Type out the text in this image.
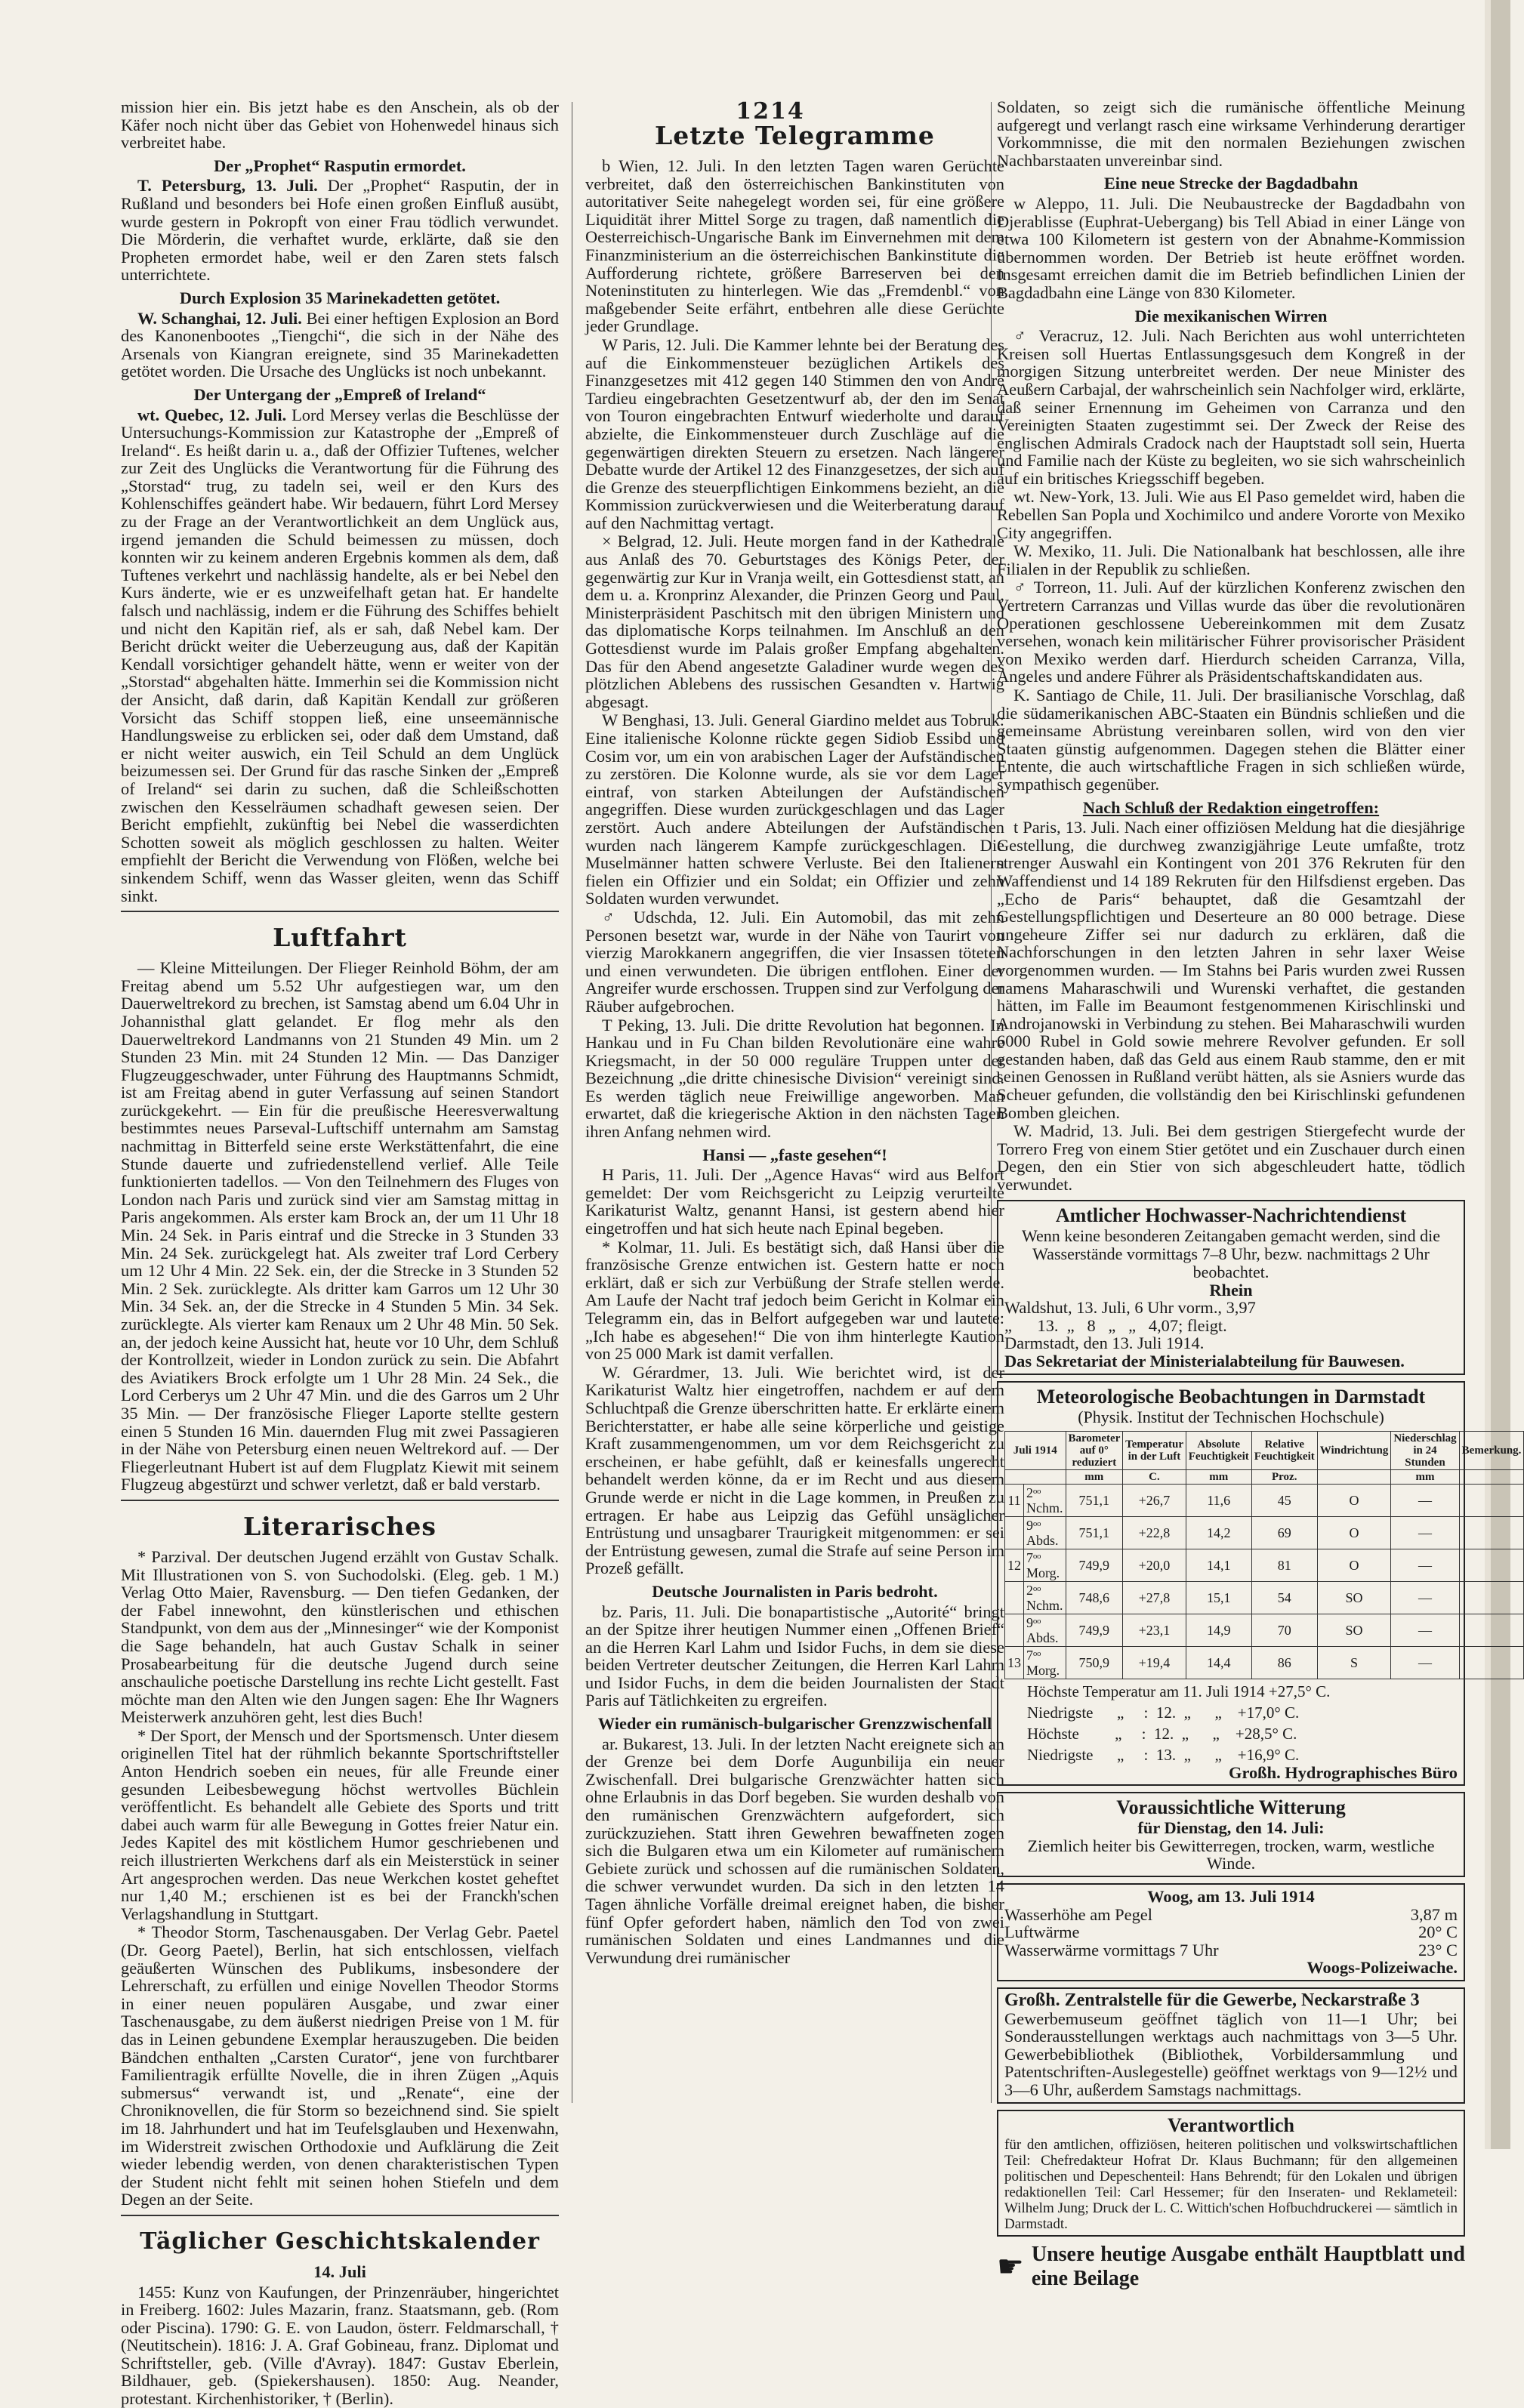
1214

mission hier ein. Bis jetzt habe es den Anschein, als ob der Käfer noch nicht über das Gebiet von Hohenwedel hinaus sich verbreitet habe.

Der „Prophet“ Rasputin ermordet.

T. Petersburg, 13. Juli. Der „Prophet“ Rasputin, der in Rußland und besonders bei Hofe einen großen Einfluß ausübt, wurde gestern in Pokropft von einer Frau tödlich verwundet. Die Mörderin, die verhaftet wurde, erklärte, daß sie den Propheten ermordet habe, weil er den Zaren stets falsch unterrichtete.

Durch Explosion 35 Marinekadetten getötet.

W. Schanghai, 12. Juli. Bei einer heftigen Explosion an Bord des Kanonenbootes „Tiengchi“, die sich in der Nähe des Arsenals von Kiangran ereignete, sind 35 Marinekadetten getötet worden. Die Ursache des Unglücks ist noch unbekannt.

Der Untergang der „Empreß of Ireland“

wt. Quebec, 12. Juli. Lord Mersey verlas die Beschlüsse der Untersuchungs-Kommission zur Katastrophe der „Empreß of Ireland“. Es heißt darin u. a., daß der Offizier Tuftenes, welcher zur Zeit des Unglücks die Verantwortung für die Führung des „Storstad“ trug, zu tadeln sei, weil er den Kurs des Kohlenschiffes geändert habe. Wir bedauern, führt Lord Mersey zu der Frage an der Verantwortlichkeit an dem Unglück aus, irgend jemanden die Schuld beimessen zu müssen, doch konnten wir zu keinem anderen Ergebnis kommen als dem, daß Tuftenes verkehrt und nachlässig handelte, als er bei Nebel den Kurs änderte, wie er es unzweifelhaft getan hat. Er handelte falsch und nachlässig, indem er die Führung des Schiffes behielt und nicht den Kapitän rief, als er sah, daß Nebel kam. Der Bericht drückt weiter die Ueberzeugung aus, daß der Kapitän Kendall vorsichtiger gehandelt hätte, wenn er weiter von der „Storstad“ abgehalten hätte. Immerhin sei die Kommission nicht der Ansicht, daß darin, daß Kapitän Kendall zur größeren Vorsicht das Schiff stoppen ließ, eine unseemännische Handlungsweise zu erblicken sei, oder daß dem Umstand, daß er nicht weiter auswich, ein Teil Schuld an dem Unglück beizumessen sei. Der Grund für das rasche Sinken der „Empreß of Ireland“ sei darin zu suchen, daß die Schleißschotten zwischen den Kesselräumen schadhaft gewesen seien. Der Bericht empfiehlt, zukünftig bei Nebel die wasserdichten Schotten soweit als möglich geschlossen zu halten. Weiter empfiehlt der Bericht die Verwendung von Flößen, welche bei sinkendem Schiff, wenn das Wasser gleiten, wenn das Schiff sinkt.

Luftfahrt

— Kleine Mitteilungen. Der Flieger Reinhold Böhm, der am Freitag abend um 5.52 Uhr aufgestiegen war, um den Dauerweltrekord zu brechen, ist Samstag abend um 6.04 Uhr in Johannisthal glatt gelandet. Er flog mehr als den Dauerweltrekord Landmanns von 21 Stunden 49 Min. um 2 Stunden 23 Min. mit 24 Stunden 12 Min. — Das Danziger Flugzeuggeschwader, unter Führung des Hauptmanns Schmidt, ist am Freitag abend in guter Verfassung auf seinen Standort zurückgekehrt. — Ein für die preußische Heeresverwaltung bestimmtes neues Parseval-Luftschiff unternahm am Samstag nachmittag in Bitterfeld seine erste Werkstättenfahrt, die eine Stunde dauerte und zufriedenstellend verlief. Alle Teile funktionierten tadellos. — Von den Teilnehmern des Fluges von London nach Paris und zurück sind vier am Samstag mittag in Paris angekommen. Als erster kam Brock an, der um 11 Uhr 18 Min. 24 Sek. in Paris eintraf und die Strecke in 3 Stunden 33 Min. 24 Sek. zurückgelegt hat. Als zweiter traf Lord Cerbery um 12 Uhr 4 Min. 22 Sek. ein, der die Strecke in 3 Stunden 52 Min. 2 Sek. zurücklegte. Als dritter kam Garros um 12 Uhr 30 Min. 34 Sek. an, der die Strecke in 4 Stunden 5 Min. 34 Sek. zurücklegte. Als vierter kam Renaux um 2 Uhr 48 Min. 50 Sek. an, der jedoch keine Aussicht hat, heute vor 10 Uhr, dem Schluß der Kontrollzeit, wieder in London zurück zu sein. Die Abfahrt des Aviatikers Brock erfolgte um 1 Uhr 28 Min. 24 Sek., die Lord Cerberys um 2 Uhr 47 Min. und die des Garros um 2 Uhr 35 Min. — Der französische Flieger Laporte stellte gestern einen 5 Stunden 16 Min. dauernden Flug mit zwei Passagieren in der Nähe von Petersburg einen neuen Weltrekord auf. — Der Fliegerleutnant Hubert ist auf dem Flugplatz Kiewit mit seinem Flugzeug abgestürzt und schwer verletzt, daß er bald verstarb.

Literarisches

* Parzival. Der deutschen Jugend erzählt von Gustav Schalk. Mit Illustrationen von S. von Suchodolski. (Eleg. geb. 1 M.) Verlag Otto Maier, Ravensburg. — Den tiefen Gedanken, der der Fabel innewohnt, den künstlerischen und ethischen Standpunkt, von dem aus der „Minnesinger“ wie der Komponist die Sage behandeln, hat auch Gustav Schalk in seiner Prosabearbeitung für die deutsche Jugend durch seine anschauliche poetische Darstellung ins rechte Licht gestellt. Fast möchte man den Alten wie den Jungen sagen: Ehe Ihr Wagners Meisterwerk anzuhören geht, lest dies Buch!

* Der Sport, der Mensch und der Sportsmensch. Unter diesem originellen Titel hat der rühmlich bekannte Sportschriftsteller Anton Hendrich soeben ein neues, für alle Freunde einer gesunden Leibesbewegung höchst wertvolles Büchlein veröffentlicht. Es behandelt alle Gebiete des Sports und tritt dabei auch warm für alle Bewegung in Gottes freier Natur ein. Jedes Kapitel des mit köstlichem Humor geschriebenen und reich illustrierten Werkchens darf als ein Meisterstück in seiner Art angesprochen werden. Das neue Werkchen kostet geheftet nur 1,40 M.; erschienen ist es bei der Franckh'schen Verlagshandlung in Stuttgart.

* Theodor Storm, Taschenausgaben. Der Verlag Gebr. Paetel (Dr. Georg Paetel), Berlin, hat sich entschlossen, vielfach geäußerten Wünschen des Publikums, insbesondere der Lehrerschaft, zu erfüllen und einige Novellen Theodor Storms in einer neuen populären Ausgabe, und zwar einer Taschenausgabe, zu dem äußerst niedrigen Preise von 1 M. für das in Leinen gebundene Exemplar herauszugeben. Die beiden Bändchen enthalten „Carsten Curator“, jene von furchtbarer Familientragik erfüllte Novelle, die in ihren Zügen „Aquis submersus“ verwandt ist, und „Renate“, eine der Chroniknovellen, die für Storm so bezeichnend sind. Sie spielt im 18. Jahrhundert und hat im Teufelsglauben und Hexenwahn, im Widerstreit zwischen Orthodoxie und Aufklärung die Zeit wieder lebendig werden, von denen charakteristischen Typen der Student nicht fehlt mit seinen hohen Stiefeln und dem Degen an der Seite.

Täglicher Geschichtskalender
14. Juli

1455: Kunz von Kaufungen, der Prinzenräuber, hingerichtet in Freiberg. 1602: Jules Mazarin, franz. Staatsmann, geb. (Rom oder Piscina). 1790: G. E. von Laudon, österr. Feldmarschall, † (Neutitschein). 1816: J. A. Graf Gobineau, franz. Diplomat und Schriftsteller, geb. (Ville d'Avray). 1847: Gustav Eberlein, Bildhauer, geb. (Spiekershausen). 1850: Aug. Neander, protestant. Kirchenhistoriker, † (Berlin).

Letzte Telegramme

b Wien, 12. Juli. In den letzten Tagen waren Gerüchte verbreitet, daß den österreichischen Bankinstituten von autoritativer Seite nahegelegt worden sei, für eine größere Liquidität ihrer Mittel Sorge zu tragen, daß namentlich die Oesterreichisch-Ungarische Bank im Einvernehmen mit dem Finanzministerium an die österreichischen Bankinstitute die Aufforderung richtete, größere Barreserven bei den Noteninstituten zu hinterlegen. Wie das „Fremdenbl.“ von maßgebender Seite erfährt, entbehren alle diese Gerüchte jeder Grundlage.

W Paris, 12. Juli. Die Kammer lehnte bei der Beratung des auf die Einkommensteuer bezüglichen Artikels des Finanzgesetzes mit 412 gegen 140 Stimmen den von André Tardieu eingebrachten Gesetzentwurf ab, der den im Senat von Touron eingebrachten Entwurf wiederholte und darauf abzielte, die Einkommensteuer durch Zuschläge auf die gegenwärtigen direkten Steuern zu ersetzen. Nach längerer Debatte wurde der Artikel 12 des Finanzgesetzes, der sich auf die Grenze des steuerpflichtigen Einkommens bezieht, an die Kommission zurückverwiesen und die Weiterberatung darauf auf den Nachmittag vertagt.

× Belgrad, 12. Juli. Heute morgen fand in der Kathedrale aus Anlaß des 70. Geburtstages des Königs Peter, der gegenwärtig zur Kur in Vranja weilt, ein Gottesdienst statt, an dem u. a. Kronprinz Alexander, die Prinzen Georg und Paul, Ministerpräsident Paschitsch mit den übrigen Ministern und das diplomatische Korps teilnahmen. Im Anschluß an den Gottesdienst wurde im Palais großer Empfang abgehalten. Das für den Abend angesetzte Galadiner wurde wegen des plötzlichen Ablebens des russischen Gesandten v. Hartwig abgesagt.

W Benghasi, 13. Juli. General Giardino meldet aus Tobruk: Eine italienische Kolonne rückte gegen Sidiob Essibd und Cosim vor, um ein von arabischen Lager der Aufständischen zu zerstören. Die Kolonne wurde, als sie vor dem Lager eintraf, von starken Abteilungen der Aufständischen angegriffen. Diese wurden zurückgeschlagen und das Lager zerstört. Auch andere Abteilungen der Aufständischen wurden nach längerem Kampfe zurückgeschlagen. Die Muselmänner hatten schwere Verluste. Bei den Italienern fielen ein Offizier und ein Soldat; ein Offizier und zehn Soldaten wurden verwundet.

♂ Udschda, 12. Juli. Ein Automobil, das mit zehn Personen besetzt war, wurde in der Nähe von Taurirt von vierzig Marokkanern angegriffen, die vier Insassen töteten und einen verwundeten. Die übrigen entflohen. Einer der Angreifer wurde erschossen. Truppen sind zur Verfolgung der Räuber aufgebrochen.

T Peking, 13. Juli. Die dritte Revolution hat begonnen. In Hankau und in Fu Chan bilden Revolutionäre eine wahre Kriegsmacht, in der 50 000 reguläre Truppen unter der Bezeichnung „die dritte chinesische Division“ vereinigt sind. Es werden täglich neue Freiwillige angeworben. Man erwartet, daß die kriegerische Aktion in den nächsten Tagen ihren Anfang nehmen wird.

Hansi — „faste gesehen“!

H Paris, 11. Juli. Der „Agence Havas“ wird aus Belfort gemeldet: Der vom Reichsgericht zu Leipzig verurteilte Karikaturist Waltz, genannt Hansi, ist gestern abend hier eingetroffen und hat sich heute nach Epinal begeben.

* Kolmar, 11. Juli. Es bestätigt sich, daß Hansi über die französische Grenze entwichen ist. Gestern hatte er noch erklärt, daß er sich zur Verbüßung der Strafe stellen werde. Am Laufe der Nacht traf jedoch beim Gericht in Kolmar ein Telegramm ein, das in Belfort aufgegeben war und lautete: „Ich habe es abgesehen!“ Die von ihm hinterlegte Kaution von 25 000 Mark ist damit verfallen.

W. Gérardmer, 13. Juli. Wie berichtet wird, ist der Karikaturist Waltz hier eingetroffen, nachdem er auf dem Schluchtpaß die Grenze überschritten hatte. Er erklärte einem Berichterstatter, er habe alle seine körperliche und geistige Kraft zusammengenommen, um vor dem Reichsgericht zu erscheinen, er habe gefühlt, daß er keinesfalls ungerecht behandelt werden könne, da er im Recht und aus diesem Grunde werde er nicht in die Lage kommen, in Preußen zu ertragen. Er habe aus Leipzig das Gefühl unsäglicher Entrüstung und unsagbarer Traurigkeit mitgenommen: er sei der Entrüstung gewesen, zumal die Strafe auf seine Person im Prozeß gefällt.

Deutsche Journalisten in Paris bedroht.

bz. Paris, 11. Juli. Die bonapartistische „Autorité“ bringt an der Spitze ihrer heutigen Nummer einen „Offenen Brief“ an die Herren Karl Lahm und Isidor Fuchs, in dem sie diese beiden Vertreter deutscher Zeitungen, die Herren Karl Lahm und Isidor Fuchs, in dem die beiden Journalisten der Stadt Paris auf Tätlichkeiten zu ergreifen.

Wieder ein rumänisch-bulgarischer Grenzzwischenfall

ar. Bukarest, 13. Juli. In der letzten Nacht ereignete sich an der Grenze bei dem Dorfe Augunbilija ein neuer Zwischenfall. Drei bulgarische Grenzwächter hatten sich ohne Erlaubnis in das Dorf begeben. Sie wurden deshalb von den rumänischen Grenzwächtern aufgefordert, sich zurückzuziehen. Statt ihren Gewehren bewaffneten zogen sich die Bulgaren etwa um ein Kilometer auf rumänischem Gebiete zurück und schossen auf die rumänischen Soldaten, die schwer verwundet wurden. Da sich in den letzten 14 Tagen ähnliche Vorfälle dreimal ereignet haben, die bisher fünf Opfer gefordert haben, nämlich den Tod von zwei rumänischen Soldaten und eines Landmannes und die Verwundung drei rumänischer

Soldaten, so zeigt sich die rumänische öffentliche Meinung aufgeregt und verlangt rasch eine wirksame Verhinderung derartiger Vorkommnisse, die mit den normalen Beziehungen zwischen Nachbarstaaten unvereinbar sind.

Eine neue Strecke der Bagdadbahn

w Aleppo, 11. Juli. Die Neubaustrecke der Bagdadbahn von Djerablisse (Euphrat-Uebergang) bis Tell Abiad in einer Länge von etwa 100 Kilometern ist gestern von der Abnahme-Kommission übernommen worden. Der Betrieb ist heute eröffnet worden. Insgesamt erreichen damit die im Betrieb befindlichen Linien der Bagdadbahn eine Länge von 830 Kilometer.

Die mexikanischen Wirren

♂ Veracruz, 12. Juli. Nach Berichten aus wohl unterrichteten Kreisen soll Huertas Entlassungsgesuch dem Kongreß in der morgigen Sitzung unterbreitet werden. Der neue Minister des Aeußern Carbajal, der wahrscheinlich sein Nachfolger wird, erklärte, daß seiner Ernennung im Geheimen von Carranza und den Vereinigten Staaten zugestimmt sei. Der Zweck der Reise des englischen Admirals Cradock nach der Hauptstadt soll sein, Huerta und Familie nach der Küste zu begleiten, wo sie sich wahrscheinlich auf ein britisches Kriegsschiff begeben.

wt. New-York, 13. Juli. Wie aus El Paso gemeldet wird, haben die Rebellen San Popla und Xochimilco und andere Vororte von Mexiko City angegriffen.

W. Mexiko, 11. Juli. Die Nationalbank hat beschlossen, alle ihre Filialen in der Republik zu schließen.

♂ Torreon, 11. Juli. Auf der kürzlichen Konferenz zwischen den Vertretern Carranzas und Villas wurde das über die revolutionären Operationen geschlossene Uebereinkommen mit dem Zusatz versehen, wonach kein militärischer Führer provisorischer Präsident von Mexiko werden darf. Hierdurch scheiden Carranza, Villa, Angeles und andere Führer als Präsidentschaftskandidaten aus.

K. Santiago de Chile, 11. Juli. Der brasilianische Vorschlag, daß die südamerikanischen ABC-Staaten ein Bündnis schließen und die gemeinsame Abrüstung vereinbaren sollen, wird von den vier Staaten günstig aufgenommen. Dagegen stehen die Blätter einer Entente, die auch wirtschaftliche Fragen in sich schließen würde, sympathisch gegenüber.

Nach Schluß der Redaktion eingetroffen:

t Paris, 13. Juli. Nach einer offiziösen Meldung hat die diesjährige Gestellung, die durchweg zwanzigjährige Leute umfaßte, trotz strenger Auswahl ein Kontingent von 201 376 Rekruten für den Waffendienst und 14 189 Rekruten für den Hilfsdienst ergeben. Das „Echo de Paris“ behauptet, daß die Gesamtzahl der Gestellungspflichtigen und Deserteure an 80 000 betrage. Diese ungeheure Ziffer sei nur dadurch zu erklären, daß die Nachforschungen in den letzten Jahren in sehr laxer Weise vorgenommen wurden. — Im Stahns bei Paris wurden zwei Russen namens Maharaschwili und Wurenski verhaftet, die gestanden hätten, im Falle im Beaumont festgenommenen Kirischlinski und Androjanowski in Verbindung zu stehen. Bei Maharaschwili wurden 6000 Rubel in Gold sowie mehrere Revolver gefunden. Er soll gestanden haben, daß das Geld aus einem Raub stamme, den er mit seinen Genossen in Rußland verübt hätten, als sie Asniers wurde das Scheuer gefunden, die vollständig den bei Kirischlinski gefundenen Bomben gleichen.

W. Madrid, 13. Juli. Bei dem gestrigen Stiergefecht wurde der Torrero Freg von einem Stier getötet und ein Zuschauer durch einen Degen, den ein Stier von sich abgeschleudert hatte, tödlich verwundet.

Amtlicher Hochwasser-Nachrichtendienst
Wenn keine besonderen Zeitangaben gemacht werden, sind die Wasserstände vormittags 7–8 Uhr, bezw. nachmittags 2 Uhr beobachtet.
Rhein
Waldshut, 13. Juli, 6 Uhr vorm., 3,97
„      13.  „   8   „   „   4,07; fleigt.
Darmstadt, den 13. Juli 1914.
Das Sekretariat der Ministerialabteilung für Bauwesen.
Meteorologische Beobachtungen in Darmstadt
(Physik. Institut der Technischen Hochschule)
Juli 1914		Barometer auf 0° reduziert	Temperatur in der Luft	Absolute Feuchtigkeit	Relative Feuchtigkeit	Windrichtung	Niederschlag in 24 Stunden	Bemerkung.
		mm	C.	mm	Proz.		mm	
11	2ᵒᵒ Nchm.	751,1	+26,7	11,6	45	O	—	
	9ᵒᵒ Abds.	751,1	+22,8	14,2	69	O	—	
12	7ᵒᵒ Morg.	749,9	+20,0	14,1	81	O	—	
	2ᵒᵒ Nchm.	748,6	+27,8	15,1	54	SO	—	
	9ᵒᵒ Abds.	749,9	+23,1	14,9	70	SO	—	
13	7ᵒᵒ Morg.	750,9	+19,4	14,4	86	S	—	
Höchste Temperatur am 11. Juli 1914 +27,5° C.
Niedrigste      „     :  12.  „      „    +17,0° C.
Höchste         „     :  12.  „      „    +28,5° C.
Niedrigste      „     :  13.  „      „    +16,9° C.
Großh. Hydrographisches Büro
Voraussichtliche Witterung
für Dienstag, den 14. Juli:
Ziemlich heiter bis Gewitterregen, trocken, warm, westliche Winde.
Woog, am 13. Juli 1914
Wasserhöhe am Pegel	3,87 m
Luftwärme	20° C
Wasserwärme vormittags 7 Uhr	23° C
Woogs-Polizeiwache.
Großh. Zentralstelle für die Gewerbe, Neckarstraße 3
Gewerbemuseum geöffnet täglich von 11—1 Uhr; bei Sonderausstellungen werktags auch nachmittags von 3—5 Uhr. Gewerbebibliothek (Bibliothek, Vorbildersammlung und Patentschriften-Auslegestelle) geöffnet werktags von 9—12½ und 3—6 Uhr, außerdem Samstags nachmittags.
Verantwortlich
für den amtlichen, offiziösen, heiteren politischen und volkswirtschaftlichen Teil: Chefredakteur Hofrat Dr. Klaus Buchmann; für den allgemeinen politischen und Depeschenteil: Hans Behrendt; für den Lokalen und übrigen redaktionellen Teil: Carl Hessemer; für den Inseraten- und Reklameteil: Wilhelm Jung; Druck der L. C. Wittich'schen Hofbuchdruckerei — sämtlich in Darmstadt.
☛ Unsere heutige Ausgabe enthält Hauptblatt und eine Beilage
